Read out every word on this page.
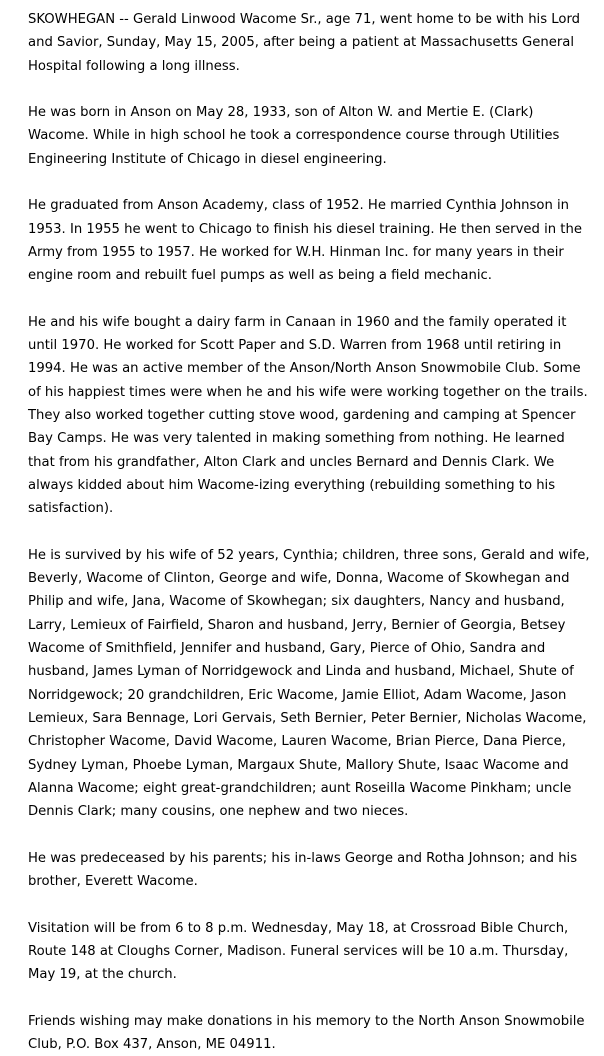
SKOWHEGAN -- Gerald Linwood Wacome Sr., age 71, went home to be with his Lord and Savior, Sunday, May 15, 2005, after being a patient at Massachusetts General Hospital following a long illness.

He was born in Anson on May 28, 1933, son of Alton W. and Mertie E. (Clark) Wacome. While in high school he took a correspondence course through Utilities Engineering Institute of Chicago in diesel engineering.

He graduated from Anson Academy, class of 1952. He married Cynthia Johnson in 1953. In 1955 he went to Chicago to finish his diesel training. He then served in the Army from 1955 to 1957. He worked for W.H. Hinman Inc. for many years in their engine room and rebuilt fuel pumps as well as being a field mechanic.

He and his wife bought a dairy farm in Canaan in 1960 and the family operated it until 1970. He worked for Scott Paper and S.D. Warren from 1968 until retiring in 1994. He was an active member of the Anson/North Anson Snowmobile Club. Some of his happiest times were when he and his wife were working together on the trails. They also worked together cutting stove wood, gardening and camping at Spencer Bay Camps. He was very talented in making something from nothing. He learned that from his grandfather, Alton Clark and uncles Bernard and Dennis Clark. We always kidded about him Wacome-izing everything (rebuilding something to his satisfaction).

He is survived by his wife of 52 years, Cynthia; children, three sons, Gerald and wife, Beverly, Wacome of Clinton, George and wife, Donna, Wacome of Skowhegan and Philip and wife, Jana, Wacome of Skowhegan; six daughters, Nancy and husband, Larry, Lemieux of Fairfield, Sharon and husband, Jerry, Bernier of Georgia, Betsey Wacome of Smithfield, Jennifer and husband, Gary, Pierce of Ohio, Sandra and husband, James Lyman of Norridgewock and Linda and husband, Michael, Shute of Norridgewock; 20 grandchildren, Eric Wacome, Jamie Elliot, Adam Wacome, Jason Lemieux, Sara Bennage, Lori Gervais, Seth Bernier, Peter Bernier, Nicholas Wacome, Christopher Wacome, David Wacome, Lauren Wacome, Brian Pierce, Dana Pierce, Sydney Lyman, Phoebe Lyman, Margaux Shute, Mallory Shute, Isaac Wacome and Alanna Wacome; eight great-grandchildren; aunt Roseilla Wacome Pinkham; uncle Dennis Clark; many cousins, one nephew and two nieces.

He was predeceased by his parents; his in-laws George and Rotha Johnson; and his brother, Everett Wacome.

Visitation will be from 6 to 8 p.m. Wednesday, May 18, at Crossroad Bible Church, Route 148 at Cloughs Corner, Madison. Funeral services will be 10 a.m. Thursday, May 19, at the church.

Friends wishing may make donations in his memory to the North Anson Snowmobile Club, P.O. Box 437, Anson, ME 04911.
